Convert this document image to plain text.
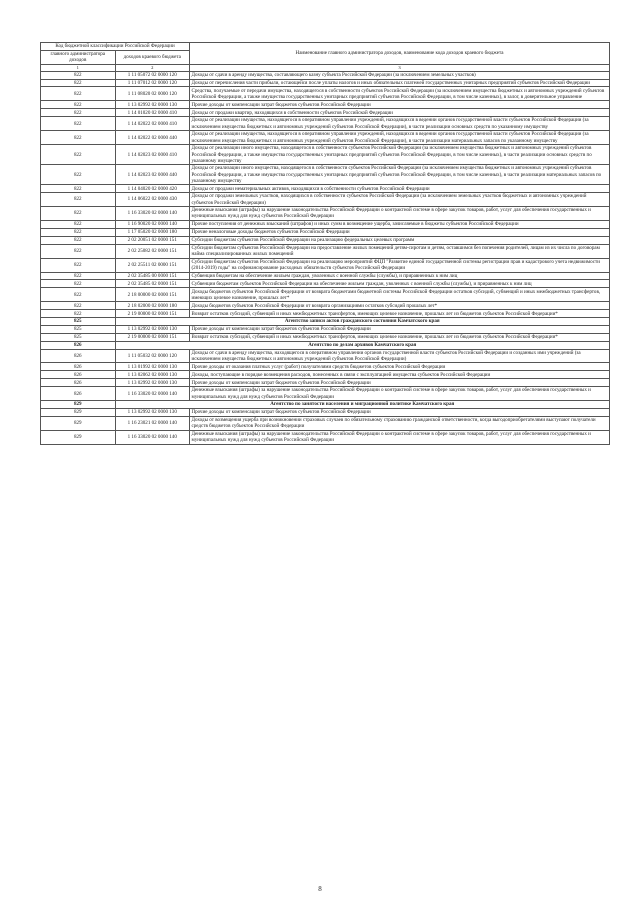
Код бюджетной классификации Российской Федерации		Наименование главного администратора доходов, наименование кода доходов краевого бюджета
главного администратора доходов	доходов краевого бюджета	
1	2	3
822	1 11 05072 02 0000 120	Доходы от сдачи в аренду имущества, составляющего казну субъекта Российской Федерации (за исключением земельных участков)
822	1 11 07012 02 0000 120	Доходы от перечисления части прибыли, остающейся после уплаты налогов и иных обязательных платежей государственных унитарных предприятий субъектов Российской Федерации
822	1 11 08020 02 0000 120	Средства, получаемые от передачи имущества, находящегося в собственности субъектов Российской Федерации (за исключением имущества бюджетных и автономных учреждений субъектов Российской Федерации, а также имущества государственных унитарных предприятий субъектов Российской Федерации, в том числе казенных), в залог, в доверительное управление
822	1 13 02992 02 0000 130	Прочие доходы от компенсации затрат бюджетов субъектов Российской Федерации
822	1 14 01020 02 0000 410	Доходы от продажи квартир, находящихся в собственности субъектов Российской Федерации
822	1 14 02022 02 0000 410	Доходы от реализации имущества, находящегося в оперативном управлении учреждений, находящихся в ведении органов государственной власти субъектов Российской Федерации (за исключением имущества бюджетных и автономных учреждений субъектов Российской Федерации), в части реализации основных средств по указанному имуществу
822	1 14 02022 02 0000 440	Доходы от реализации имущества, находящегося в оперативном управлении учреждений, находящихся в ведении органов государственной власти субъектов Российской Федерации (за исключением имущества бюджетных и автономных учреждений субъектов Российской Федерации), в части реализации материальных запасов по указанному имуществу
822	1 14 02023 02 0000 410	Доходы от реализации иного имущества, находящегося в собственности субъектов Российской Федерации (за исключением имущества бюджетных и автономных учреждений субъектов Российской Федерации, а также имущества государственных унитарных предприятий субъектов Российской Федерации, в том числе казенных), в части реализации основных средств по указанному имуществу
822	1 14 02023 02 0000 440	Доходы от реализации иного имущества, находящегося в собственности субъектов Российской Федерации (за исключением имущества бюджетных и автономных учреждений субъектов Российской Федерации, а также имущества государственных унитарных предприятий субъектов Российской Федерации, в том числе казенных), в части реализации материальных запасов по указанному имуществу
822	1 14 04020 02 0000 420	Доходы от продажи нематериальных активов, находящихся в собственности субъектов Российской Федерации
822	1 14 06022 02 0000 430	Доходы от продажи земельных участков, находящихся в собственности субъектов Российской Федерации (за исключением земельных участков бюджетных и автономных учреждений субъектов Российской Федерации)
822	1 16 33020 02 0000 140	Денежные взыскания (штрафы) за нарушение законодательства Российской Федерации о контрактной системе в сфере закупок товаров, работ, услуг для обеспечения государственных и муниципальных нужд для нужд субъектов Российской Федерации
822	1 16 90020 02 0000 140	Прочие поступления от денежных взысканий (штрафов) и иных сумм в возмещение ущерба, зачисляемые в бюджеты субъектов Российской Федерации
822	1 17 05020 02 0000 180	Прочие неналоговые доходы бюджетов субъектов Российской Федерации
822	2 02 20051 02 0000 151	Субсидии бюджетам субъектов Российской Федерации на реализацию федеральных целевых программ
822	2 02 25082 02 0000 151	Субсидии бюджетам субъектов Российской Федерации на предоставление жилых помещений детям-сиротам и детям, оставшимся без попечения родителей, лицам из их числа по договорам найма специализированных жилых помещений
822	2 02 25511 02 0000 151	Субсидии бюджетам субъектов Российской Федерации на реализацию мероприятий ФЦП "Развитие единой государственной системы регистрации прав и кадастрового учета недвижимости (2014-2019) годы" на софинансирование расходных обязательств субъектов Российской Федерации
822	2 02 35485 00 0000 151	Субвенция бюджетам на обеспечение жильем граждан, уволенных с военной службы (службы), и приравненных к ним лиц
822	2 02 35485 02 0000 151	Субвенции бюджетам субъектов Российской Федерации на обеспечение жильем граждан, уволенных с военной службы (службы), и приравненных к ним лиц
822	2 18 00000 02 0000 151	Доходы бюджетов субъектов Российской Федерации от возврата бюджетами бюджетной системы Российской Федерации остатков субсидий, субвенций и иных межбюджетных трансфертов, имеющих целевое назначение, прошлых лет*
822	2 18 02000 02 0000 180	Доходы бюджетов субъектов Российской Федерации от возврата организациями остатков субсидий прошлых лет*
822	2 19 00000 02 0000 151	Возврат остатков субсидий, субвенций и иных межбюджетных трансфертов, имеющих целевое назначение, прошлых лет из бюджетов субъектов Российской Федерации*
825	Агентство записи актов гражданского состояния Камчатского края	
825	1 13 02992 02 0000 130	Прочие доходы от компенсации затрат бюджетов субъектов Российской Федерации
825	2 19 00000 02 0000 151	Возврат остатков субсидий, субвенций и иных межбюджетных трансфертов, имеющих целевое назначение, прошлых лет из бюджетов субъектов Российской Федерации*
826	Агентство по делам архивов Камчатского края	
826	1 11 05032 02 0000 120	Доходы от сдачи в аренду имущества, находящегося в оперативном управлении органов государственной власти субъектов Российской Федерации и созданных ими учреждений (за исключением имущества бюджетных и автономных учреждений субъектов Российской Федерации)
826	1 13 01992 02 0000 130	Прочие доходы от оказания платных услуг (работ) получателями средств бюджетов субъектов Российской Федерации
826	1 13 02062 02 0000 130	Доходы, поступающие в порядке возмещения расходов, понесенных в связи с эксплуатацией имущества субъектов Российской Федерации
826	1 13 02992 02 0000 130	Прочие доходы от компенсации затрат бюджетов субъектов Российской Федерации
826	1 16 33020 02 0000 140	Денежные взыскания (штрафы) за нарушение законодательства Российской Федерации о контрактной системе в сфере закупок товаров, работ, услуг для обеспечения государственных и муниципальных нужд для нужд субъектов Российской Федерации
829	Агентство по занятости населения и миграционной политике Камчатского края	
829	1 13 02992 02 0000 130	Прочие доходы от компенсации затрат бюджетов субъектов Российской Федерации
829	1 16 23021 02 0000 140	Доходы от возмещения ущерба при возникновении страховых случаев по обязательному страхованию гражданской ответственности, когда выгодоприобретателями выступают получатели средств бюджетов субъектов Российской Федерации
829	1 16 33020 02 0000 140	Денежные взыскания (штрафы) за нарушение законодательства Российской Федерации о контрактной системе в сфере закупок товаров, работ, услуг для обеспечения государственных и муниципальных нужд для нужд субъектов Российской Федерации
8
